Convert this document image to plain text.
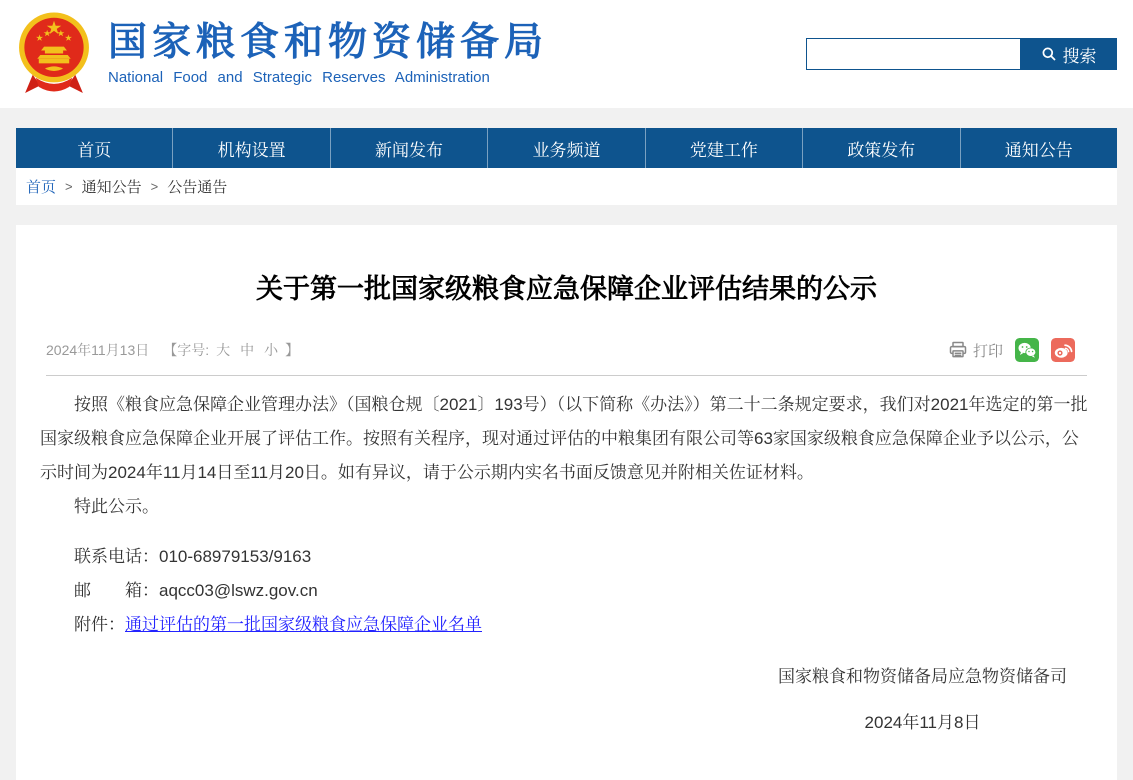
国家粮食和物资储备局
National Food and Strategic Reserves Administration
搜索
首页	机构设置	新闻发布	业务频道	党建工作	政策发布	通知公告
首页 > 通知公告 > 公告通告
关于第一批国家级粮食应急保障企业评估结果的公示
2024年11月13日 【字号: 大 中 小 】	打印

按照《粮食应急保障企业管理办法》（国粮仓规〔2021〕193号）（以下简称《办法》）第二十二条规定要求，我们对2021年选定的第一批国家级粮食应急保障企业开展了评估工作。按照有关程序，现对通过评估的中粮集团有限公司等63家国家级粮食应急保障企业予以公示，公示时间为2024年11月14日至11月20日。如有异议，请于公示期内实名书面反馈意见并附相关佐证材料。

特此公示。

联系电话：010-68979153/9163

邮　　箱：aqcc03@lswz.gov.cn

附件：通过评估的第一批国家级粮食应急保障企业名单

国家粮食和物资储备局应急物资储备司
2024年11月8日
